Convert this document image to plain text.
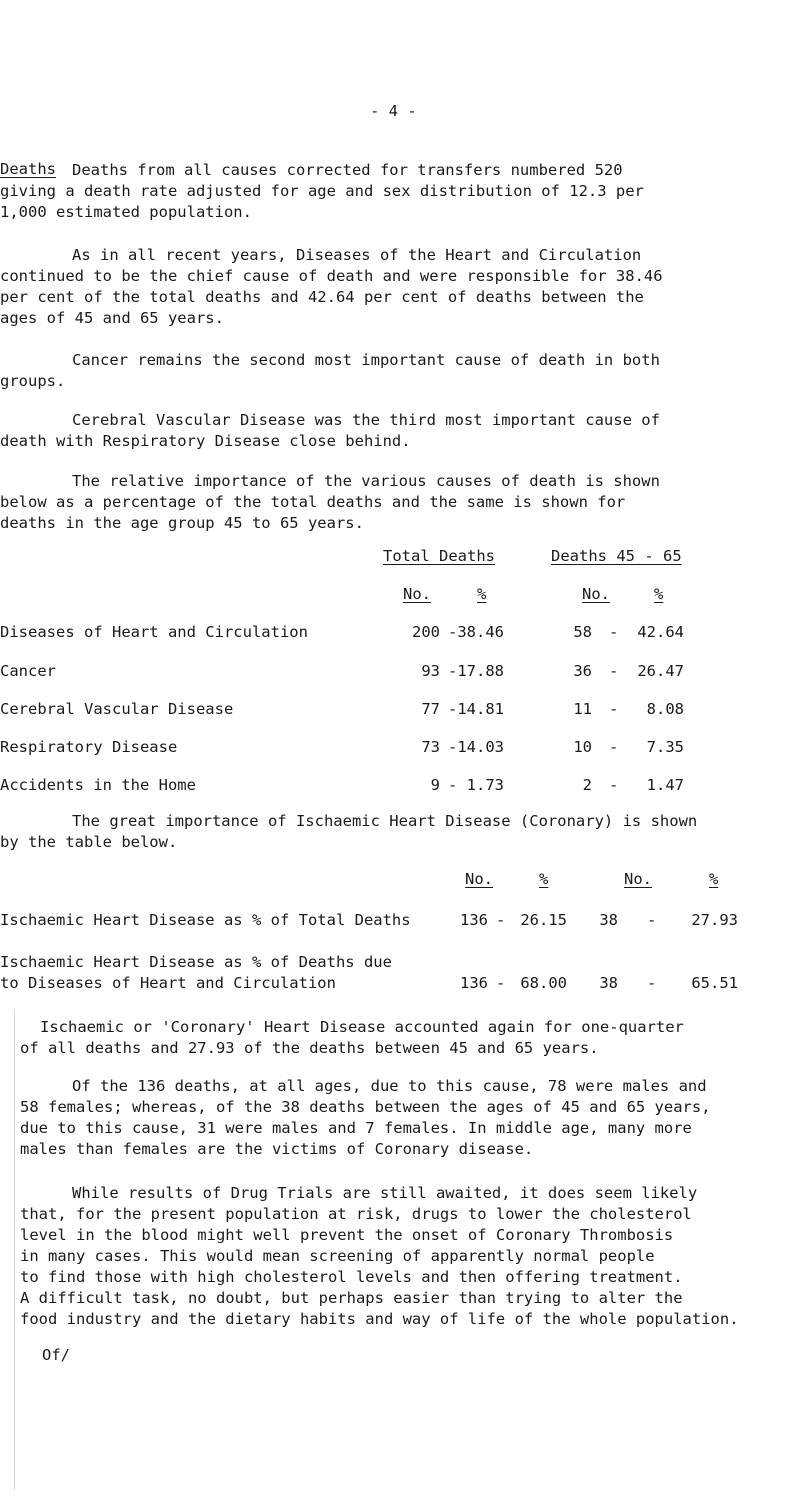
- 4 -
Deaths	Deaths from all causes corrected for transfers numbered 520
giving a death rate adjusted for age and sex distribution of 12.3 per
1,000 estimated population.
As in all recent years, Diseases of the Heart and Circulation
continued to be the chief cause of death and were responsible for 38.46
per cent of the total deaths and 42.64 per cent of deaths between the
ages of 45 and 65 years.
Cancer remains the second most important cause of death in both
groups.
Cerebral Vascular Disease was the third most important cause of
death with Respiratory Disease close behind.
The relative importance of the various causes of death is shown
below as a percentage of the total deaths and the same is shown for
deaths in the age group 45 to 65 years.
Total Deaths	Deaths 45 - 65
No.	%	No.	%
Diseases of Heart and Circulation	200 - 38.46	58 -	42.64
Cancer	93 - 17.88	36 -	26.47
Cerebral Vascular Disease	77 - 14.81	11 -	8.08
Respiratory Disease	73 - 14.03	10 -	7.35
Accidents in the Home	9 - 1.73	2 -	1.47
The great importance of Ischaemic Heart Disease (Coronary) is shown
by the table below.
No.	%	No.	%
Ischaemic Heart Disease as % of Total Deaths	136 - 26.15	38 -	27.93
Ischaemic Heart Disease as % of Deaths due
to Diseases of Heart and Circulation	136 - 68.00	38 -	65.51
Ischaemic or 'Coronary' Heart Disease accounted again for one-quarter
of all deaths and 27.93 of the deaths between 45 and 65 years.
Of the 136 deaths, at all ages, due to this cause, 78 were males and
58 females; whereas, of the 38 deaths between the ages of 45 and 65 years,
due to this cause, 31 were males and 7 females. In middle age, many more
males than females are the victims of Coronary disease.
While results of Drug Trials are still awaited, it does seem likely
that, for the present population at risk, drugs to lower the cholesterol
level in the blood might well prevent the onset of Coronary Thrombosis
in many cases. This would mean screening of apparently normal people
to find those with high cholesterol levels and then offering treatment.
A difficult task, no doubt, but perhaps easier than trying to alter the
food industry and the dietary habits and way of life of the whole population.
Of/
